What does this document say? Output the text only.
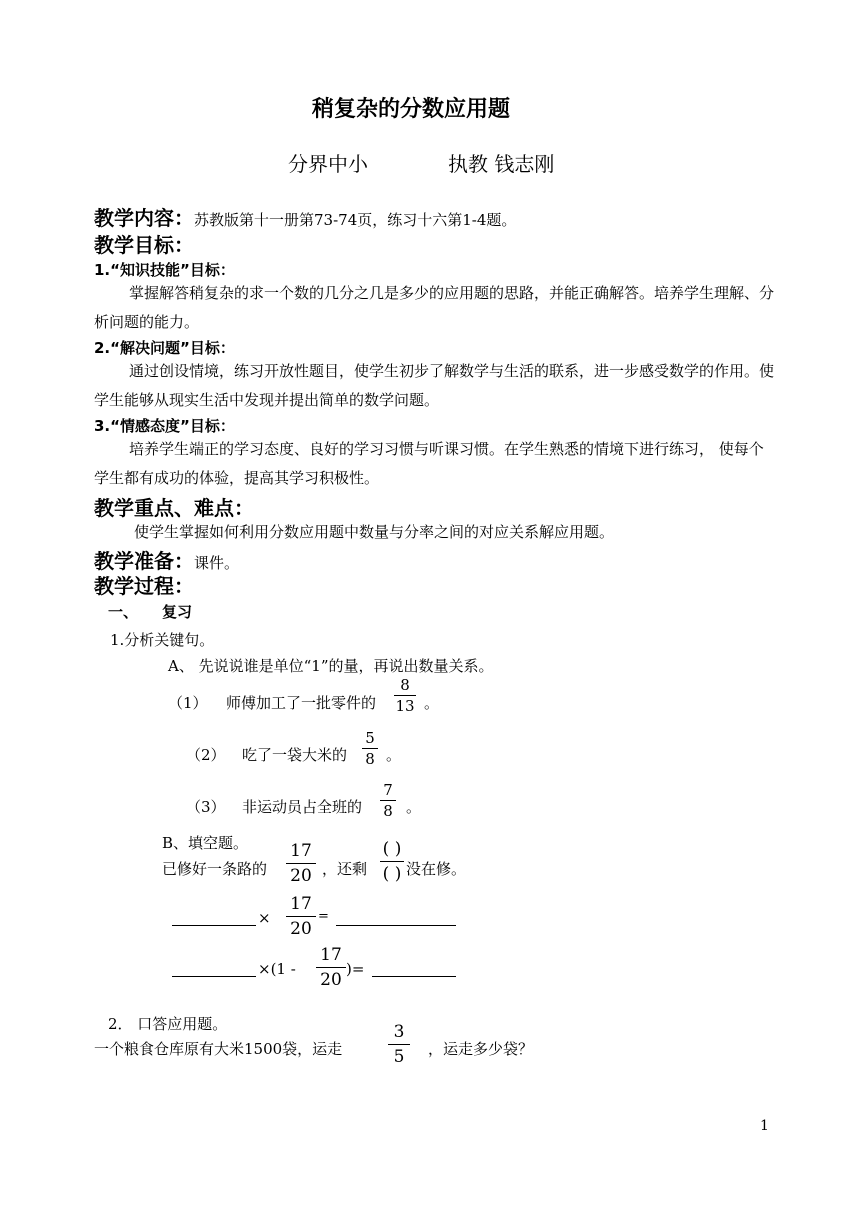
稍复杂的分数应用题
分界中小	执教 钱志刚
教学内容：苏教版第十一册第73-74页，练习十六第1-4题。
教学目标：
1.“知识技能”目标：
掌握解答稍复杂的求一个数的几分之几是多少的应用题的思路，并能正确解答。培养学生理解、分析问题的能力。
2.“解决问题”目标：
通过创设情境，练习开放性题目，使学生初步了解数学与生活的联系，进一步感受数学的作用。使学生能够从现实生活中发现并提出简单的数学问题。
3.“情感态度”目标：
培养学生端正的学习态度、良好的学习习惯与听课习惯。在学生熟悉的情境下进行练习， 使每个学生都有成功的体验，提高其学习积极性。
教学重点、难点：
使学生掌握如何利用分数应用题中数量与分率之间的对应关系解应用题。
教学准备：课件。
教学过程：
一、 复习
1.分析关键句。
A、 先说说谁是单位“1”的量，再说出数量关系。
（1） 师傅加工了一批零件的
8
13 。
（2） 吃了一袋大米的
5
8 。
（3） 非运动员占全班的
7
8 。
B、填空题。
已修好一条路的
17
20 ，还剩
( )
( ) 没在修。
×
17
20
=
×(1 -
17
20
)=
2． 口答应用题。
一个粮食仓库原有大米1500袋，运走
3
5	，运走多少袋？
1
